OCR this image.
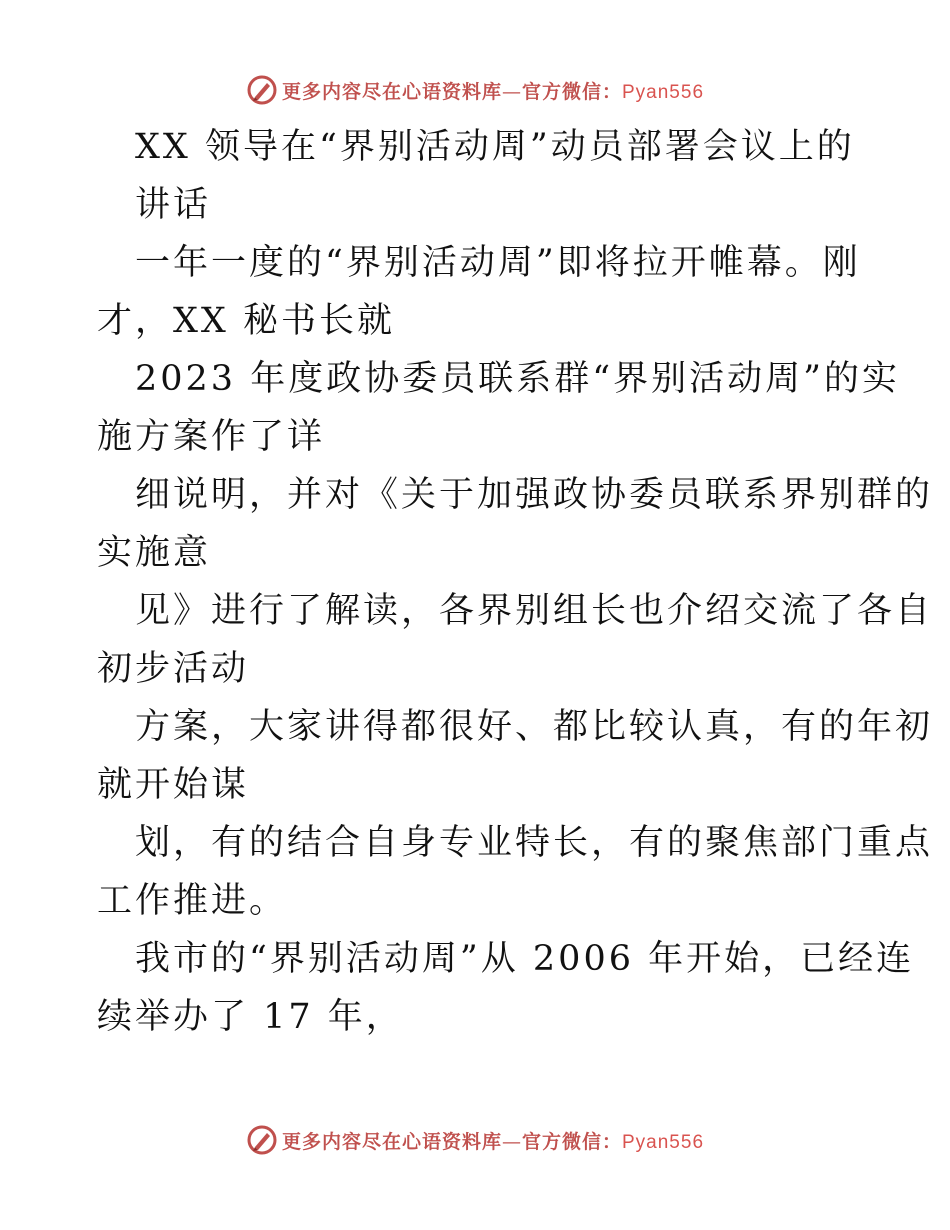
更多内容尽在心语资料库—官方微信：Pyan556
XX 领导在“界别活动周”动员部署会议上的
讲话
一年一度的“界别活动周”即将拉开帷幕。刚
才，XX 秘书长就
2023 年度政协委员联系群“界别活动周”的实
施方案作了详
细说明，并对《关于加强政协委员联系界别群的
实施意
见》进行了解读，各界别组长也介绍交流了各自
初步活动
方案，大家讲得都很好、都比较认真，有的年初
就开始谋
划，有的结合自身专业特长，有的聚焦部门重点
工作推进。
我市的“界别活动周”从 2006 年开始，已经连
续举办了 17 年，
更多内容尽在心语资料库—官方微信：Pyan556
